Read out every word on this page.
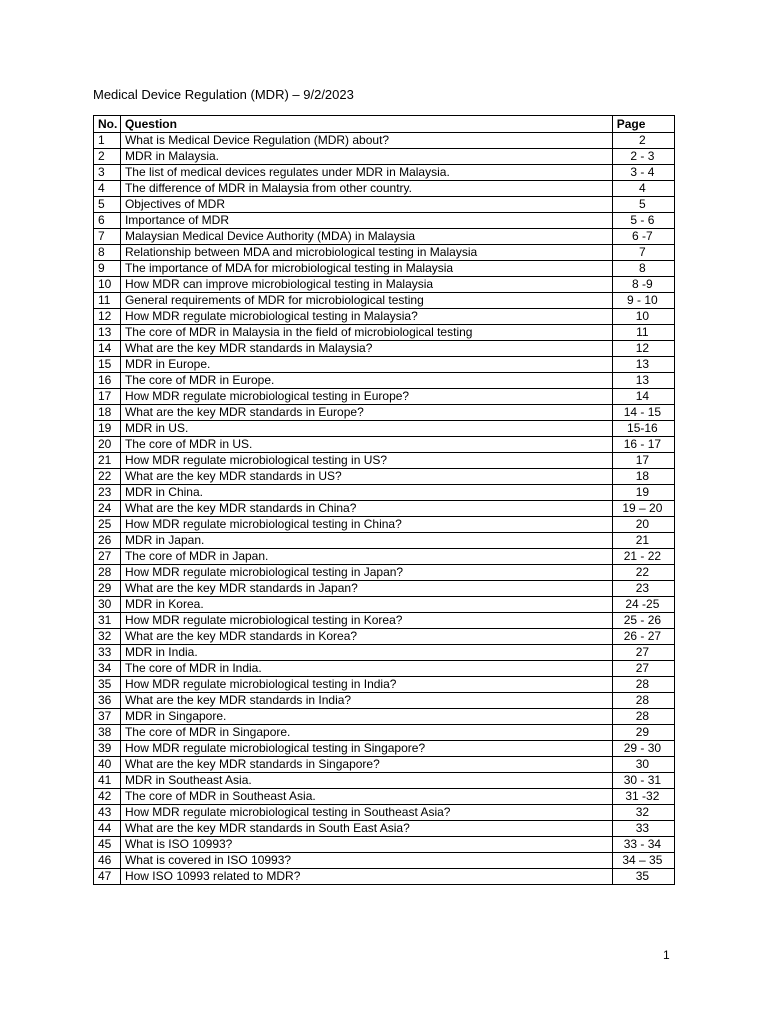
Medical Device Regulation (MDR) – 9/2/2023
No.	Question	Page
1	What is Medical Device Regulation (MDR) about?	2
2	MDR in Malaysia.	2 - 3
3	The list of medical devices regulates under MDR in Malaysia.	3 - 4
4	The difference of MDR in Malaysia from other country.	4
5	Objectives of MDR	5
6	Importance of MDR	5 - 6
7	Malaysian Medical Device Authority (MDA) in Malaysia	6 -7
8	Relationship between MDA and microbiological testing in Malaysia	7
9	The importance of MDA for microbiological testing in Malaysia	8
10	How MDR can improve microbiological testing in Malaysia	8 -9
11	General requirements of MDR for microbiological testing	9 - 10
12	How MDR regulate microbiological testing in Malaysia?	10
13	The core of MDR in Malaysia in the field of microbiological testing	11
14	What are the key MDR standards in Malaysia?	12
15	MDR in Europe.	13
16	The core of MDR in Europe.	13
17	How MDR regulate microbiological testing in Europe?	14
18	What are the key MDR standards in Europe?	14 - 15
19	MDR in US.	15-16
20	The core of MDR in US.	16 - 17
21	How MDR regulate microbiological testing in US?	17
22	What are the key MDR standards in US?	18
23	MDR in China.	19
24	What are the key MDR standards in China?	19 – 20
25	How MDR regulate microbiological testing in China?	20
26	MDR in Japan.	21
27	The core of MDR in Japan.	21 - 22
28	How MDR regulate microbiological testing in Japan?	22
29	What are the key MDR standards in Japan?	23
30	MDR in Korea.	24 -25
31	How MDR regulate microbiological testing in Korea?	25 - 26
32	What are the key MDR standards in Korea?	26 - 27
33	MDR in India.	27
34	The core of MDR in India.	27
35	How MDR regulate microbiological testing in India?	28
36	What are the key MDR standards in India?	28
37	MDR in Singapore.	28
38	The core of MDR in Singapore.	29
39	How MDR regulate microbiological testing in Singapore?	29 - 30
40	What are the key MDR standards in Singapore?	30
41	MDR in Southeast Asia.	30 - 31
42	The core of MDR in Southeast Asia.	31 -32
43	How MDR regulate microbiological testing in Southeast Asia?	32
44	What are the key MDR standards in South East Asia?	33
45	What is ISO 10993?	33 - 34
46	What is covered in ISO 10993?	34 – 35
47	How ISO 10993 related to MDR?	35
1
